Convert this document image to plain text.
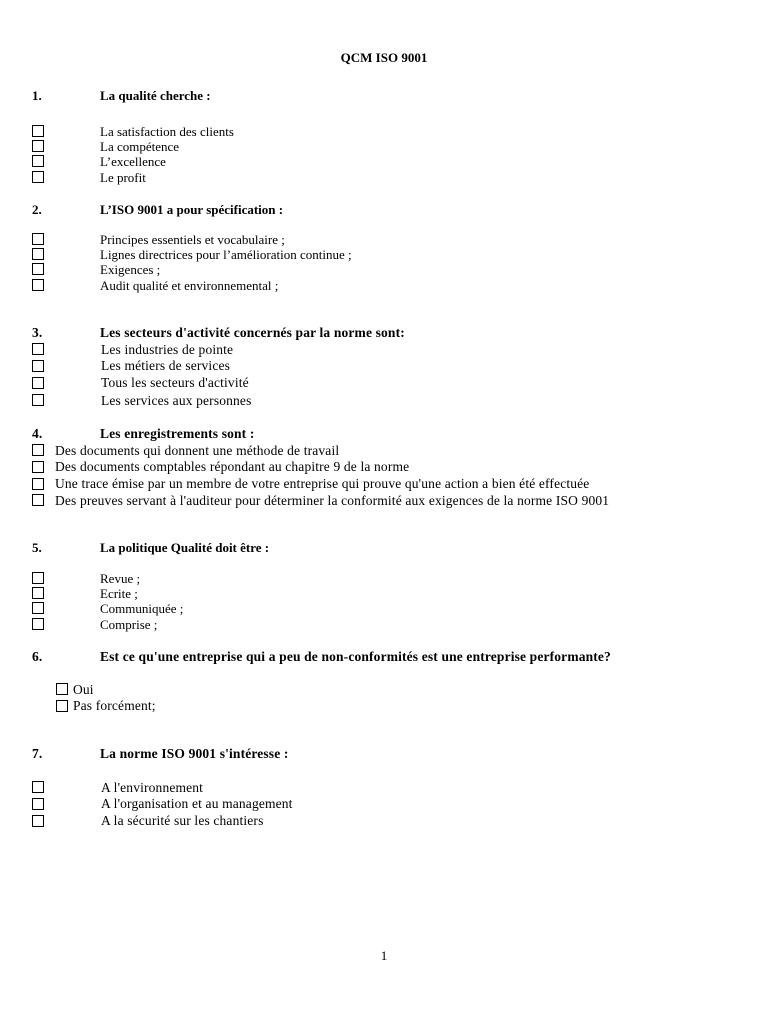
QCM ISO 9001
1.	La qualité cherche :
La satisfaction des clients
La compétence
L’excellence
Le profit
2.	L’ISO 9001 a pour spécification :
Principes essentiels et vocabulaire ;
Lignes directrices pour l’amélioration continue ;
Exigences ;
Audit qualité et environnemental ;
3.	Les secteurs d'activité concernés par la norme sont:
Les industries de pointe
Les métiers de services
Tous les secteurs d'activité
Les services aux personnes
4.	Les enregistrements sont :
Des documents qui donnent une méthode de travail
Des documents comptables répondant au chapitre 9 de la norme
Une trace émise par un membre de votre entreprise qui prouve qu'une action a bien été effectuée
Des preuves servant à l'auditeur pour déterminer la conformité aux exigences de la norme ISO 9001
5.	La politique Qualité doit être :
Revue ;
Ecrite ;
Communiquée ;
Comprise ;
6.	Est ce qu'une entreprise qui a peu de non-conformités est une entreprise performante?
Oui
Pas forcément;
7.	La norme ISO 9001 s'intéresse :
A l'environnement
A l'organisation et au management
A la sécurité sur les chantiers
1
